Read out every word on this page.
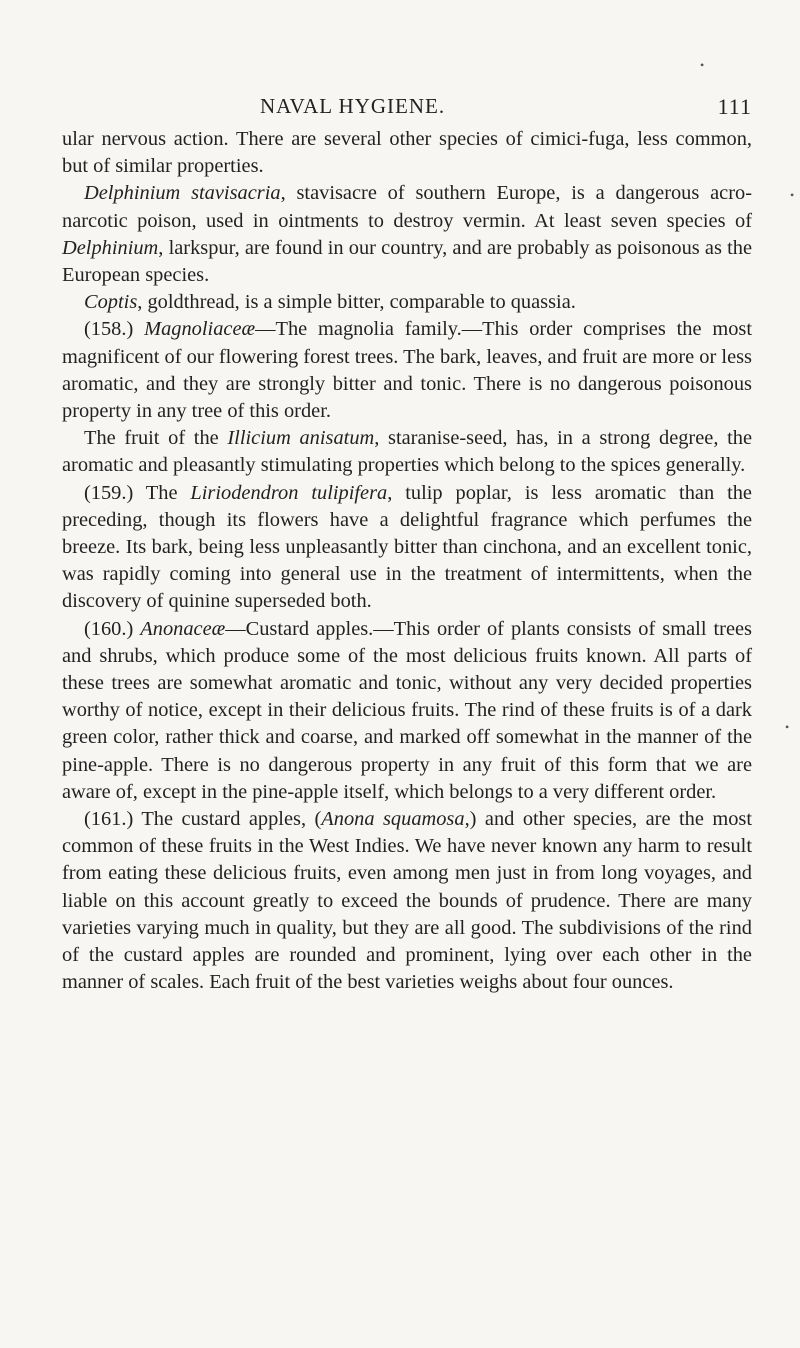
NAVAL HYGIENE.	111

ular nervous action. There are several other species of cimici-fuga, less common, but of similar properties.

Delphinium stavisacria, stavisacre of southern Europe, is a dangerous acro-narcotic poison, used in ointments to destroy vermin. At least seven species of Delphinium, larkspur, are found in our country, and are probably as poisonous as the European species.

Coptis, goldthread, is a simple bitter, comparable to quassia.

(158.) Magnoliaceæ—The magnolia family.—This order comprises the most magnificent of our flowering forest trees. The bark, leaves, and fruit are more or less aromatic, and they are strongly bitter and tonic. There is no dangerous poisonous property in any tree of this order.

The fruit of the Illicium anisatum, staranise-seed, has, in a strong degree, the aromatic and pleasantly stimulating properties which belong to the spices generally.

(159.) The Liriodendron tulipifera, tulip poplar, is less aromatic than the preceding, though its flowers have a delightful fragrance which perfumes the breeze. Its bark, being less unpleasantly bitter than cinchona, and an excellent tonic, was rapidly coming into general use in the treatment of intermittents, when the discovery of quinine superseded both.

(160.) Anonaceæ—Custard apples.—This order of plants consists of small trees and shrubs, which produce some of the most delicious fruits known. All parts of these trees are somewhat aromatic and tonic, without any very decided properties worthy of notice, except in their delicious fruits. The rind of these fruits is of a dark green color, rather thick and coarse, and marked off somewhat in the manner of the pine-apple. There is no dangerous property in any fruit of this form that we are aware of, except in the pine-apple itself, which belongs to a very different order.

(161.) The custard apples, (Anona squamosa,) and other species, are the most common of these fruits in the West Indies. We have never known any harm to result from eating these delicious fruits, even among men just in from long voyages, and liable on this account greatly to exceed the bounds of prudence. There are many varieties varying much in quality, but they are all good. The subdivisions of the rind of the custard apples are rounded and prominent, lying over each other in the manner of scales. Each fruit of the best varieties weighs about four ounces.

•
•
•
